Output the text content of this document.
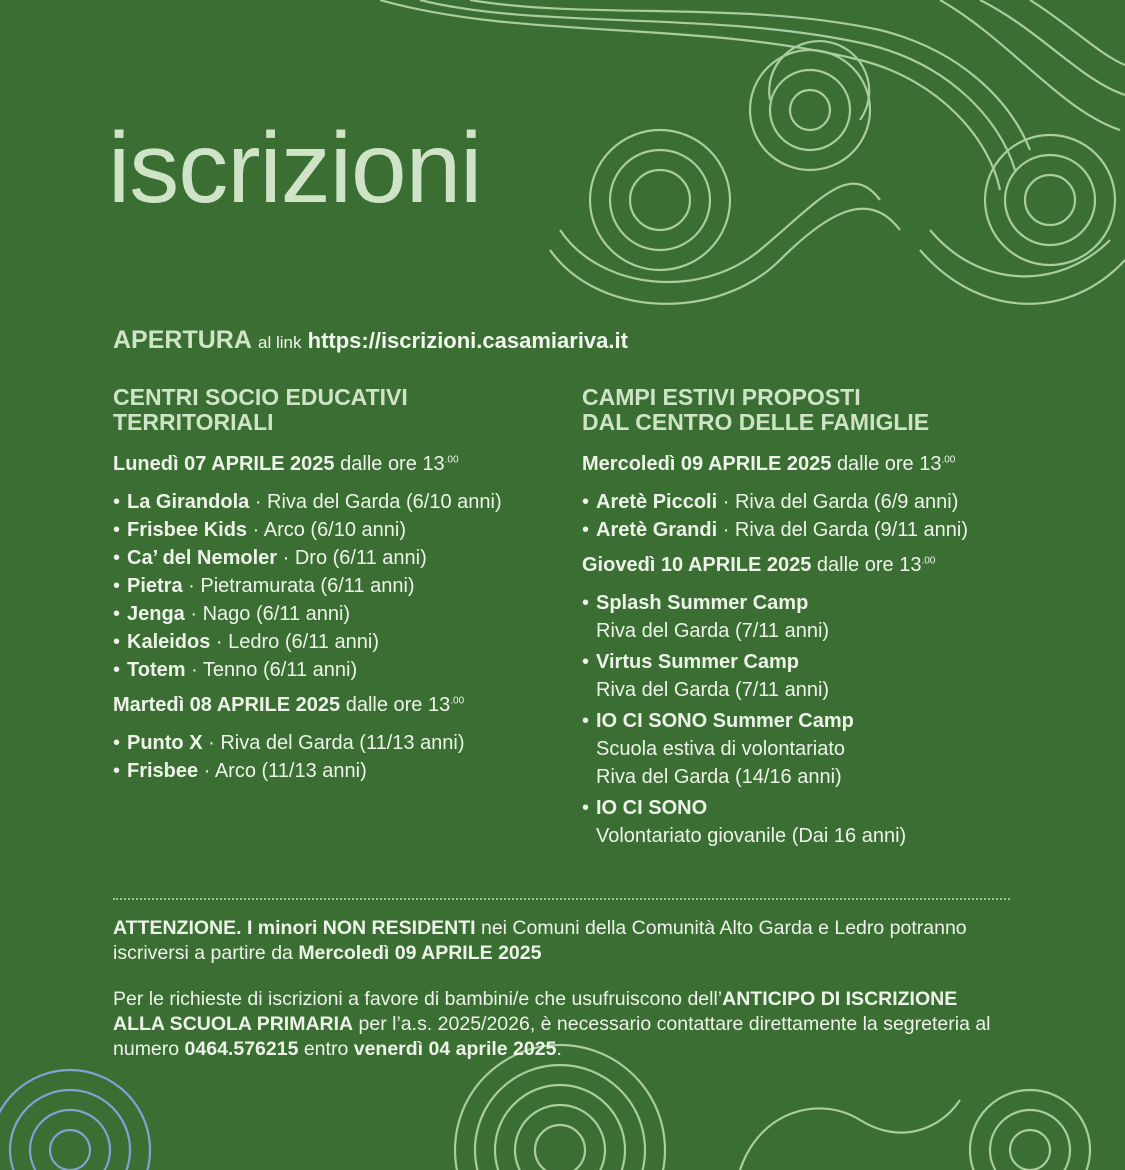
iscrizioni
APERTURA al link https://iscrizioni.casamiariva.it
CENTRI SOCIO EDUCATIVI
TERRITORIALI

Lunedì 07 APRILE 2025 dalle ore $13^{.00}$

• La Girandola · Riva del Garda (6/10 anni)
• Frisbee Kids · Arco (6/10 anni)
• Ca’ del Nemoler · Dro (6/11 anni)
• Pietra · Pietramurata (6/11 anni)
• Jenga · Nago (6/11 anni)
• Kaleidos · Ledro (6/11 anni)
• Totem · Tenno (6/11 anni)

Martedì 08 APRILE 2025 dalle ore $13^{.00}$

• Punto X · Riva del Garda (11/13 anni)
• Frisbee · Arco (11/13 anni)
CAMPI ESTIVI PROPOSTI
DAL CENTRO DELLE FAMIGLIE

Mercoledì 09 APRILE 2025 dalle ore $13^{.00}$

• Aretè Piccoli · Riva del Garda (6/9 anni)
• Aretè Grandi · Riva del Garda (9/11 anni)

Giovedì 10 APRILE 2025 dalle ore $13^{.00}$

• Splash Summer Camp
Riva del Garda (7/11 anni)
• Virtus Summer Camp
Riva del Garda (7/11 anni)
• IO CI SONO Summer Camp
Scuola estiva di volontariato
Riva del Garda (14/16 anni)
• IO CI SONO
Volontariato giovanile (Dai 16 anni)

ATTENZIONE. I minori NON RESIDENTI nei Comuni della Comunità Alto Garda e Ledro potranno iscriversi a partire da Mercoledì 09 APRILE 2025

Per le richieste di iscrizioni a favore di bambini/e che usufruiscono dell’ANTICIPO DI ISCRIZIONE ALLA SCUOLA PRIMARIA per l’a.s. 2025/2026, è necessario contattare direttamente la segreteria al numero 0464.576215 entro venerdì 04 aprile 2025.
